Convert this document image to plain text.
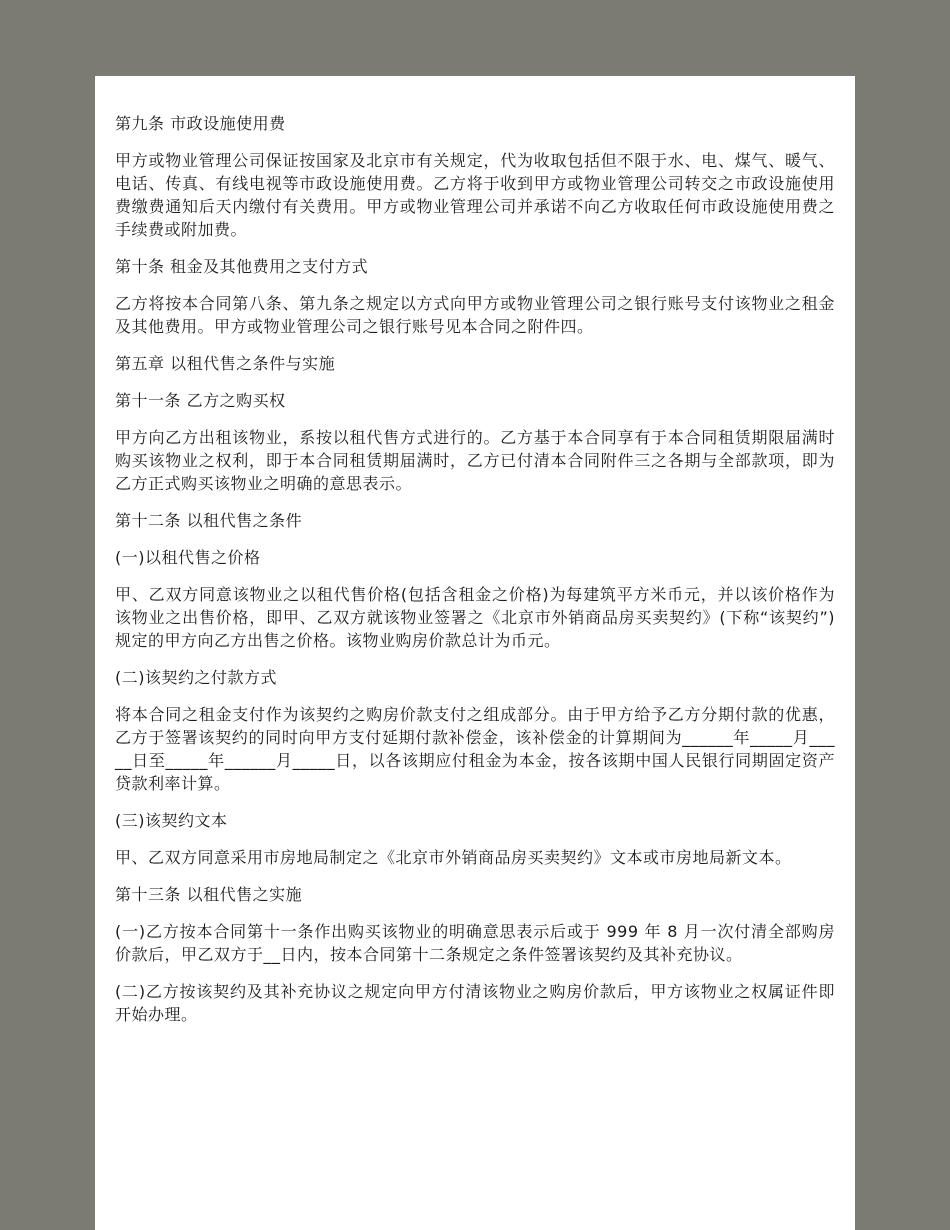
第九条 市政设施使用费

甲方或物业管理公司保证按国家及北京市有关规定，代为收取包括但不限于水、电、煤气、暖气、电话、传真、有线电视等市政设施使用费。乙方将于收到甲方或物业管理公司转交之市政设施使用费缴费通知后天内缴付有关费用。甲方或物业管理公司并承诺不向乙方收取任何市政设施使用费之手续费或附加费。

第十条 租金及其他费用之支付方式

乙方将按本合同第八条、第九条之规定以方式向甲方或物业管理公司之银行账号支付该物业之租金及其他费用。甲方或物业管理公司之银行账号见本合同之附件四。

第五章 以租代售之条件与实施

第十一条 乙方之购买权

甲方向乙方出租该物业，系按以租代售方式进行的。乙方基于本合同享有于本合同租赁期限届满时购买该物业之权利，即于本合同租赁期届满时，乙方已付清本合同附件三之各期与全部款项，即为乙方正式购买该物业之明确的意思表示。

第十二条 以租代售之条件

(一)以租代售之价格

甲、乙双方同意该物业之以租代售价格(包括含租金之价格)为每建筑平方米币元，并以该价格作为该物业之出售价格，即甲、乙双方就该物业签署之《北京市外销商品房买卖契约》(下称“该契约”)规定的甲方向乙方出售之价格。该物业购房价款总计为币元。

(二)该契约之付款方式

将本合同之租金支付作为该契约之购房价款支付之组成部分。由于甲方给予乙方分期付款的优惠，乙方于签署该契约的同时向甲方支付延期付款补偿金，该补偿金的计算期间为______年_____月_____日至_____年______月_____日，以各该期应付租金为本金，按各该期中国人民银行同期固定资产贷款利率计算。

(三)该契约文本

甲、乙双方同意采用市房地局制定之《北京市外销商品房买卖契约》文本或市房地局新文本。

第十三条 以租代售之实施

(一)乙方按本合同第十一条作出购买该物业的明确意思表示后或于 999 年 8 月一次付清全部购房价款后，甲乙双方于__日内，按本合同第十二条规定之条件签署该契约及其补充协议。

(二)乙方按该契约及其补充协议之规定向甲方付清该物业之购房价款后，甲方该物业之权属证件即开始办理。
